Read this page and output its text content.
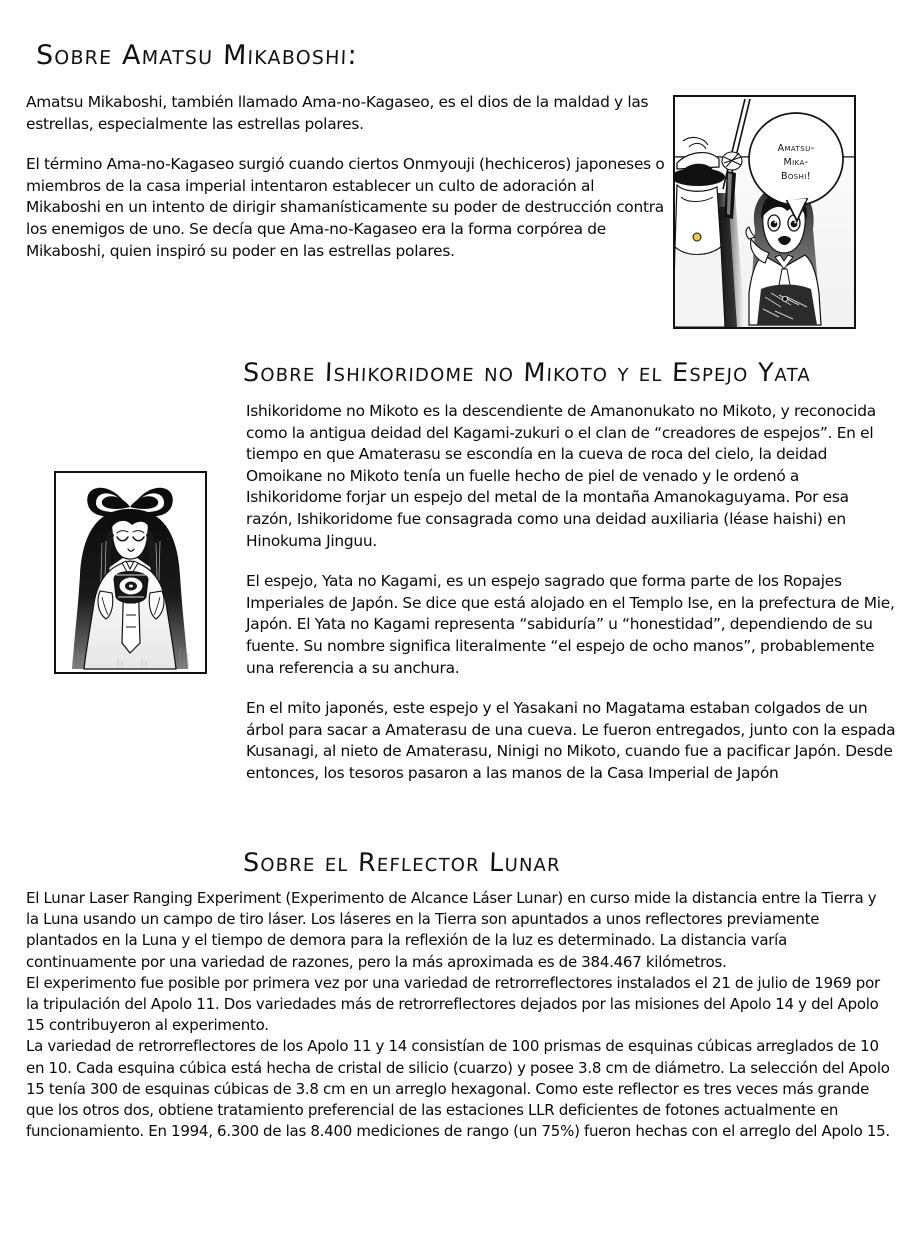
Sobre Amatsu Mikaboshi:

Amatsu Mikaboshi, también llamado Ama-no-Kagaseo, es el dios de la maldad y las estrellas, especialmente las estrellas polares.

El término Ama-no-Kagaseo surgió cuando ciertos Onmyouji (hechiceros) japoneses o miembros de la casa imperial intentaron establecer un culto de adoración al Mikaboshi en un intento de dirigir shamanísticamente su poder de destrucción contra los enemigos de uno. Se decía que Ama-no-Kagaseo era la forma corpórea de Mikaboshi, quien inspiró su poder en las estrellas polares.

Amatsu-
Mika-
Boshi!
Sobre Ishikoridome no Mikoto y el Espejo Yata

Ishikoridome no Mikoto es la descendiente de Amanonukato no Mikoto, y reconocida como la antigua deidad del Kagami-zukuri o el clan de “creadores de espejos”. En el tiempo en que Amaterasu se escondía en la cueva de roca del cielo, la deidad Omoikane no Mikoto tenía un fuelle hecho de piel de venado y le ordenó a Ishikoridome forjar un espejo del metal de la montaña Amanokaguyama. Por esa razón, Ishikoridome fue consagrada como una deidad auxiliaria (léase haishi) en Hinokuma Jinguu.

El espejo, Yata no Kagami, es un espejo sagrado que forma parte de los Ropajes Imperiales de Japón. Se dice que está alojado en el Templo Ise, en la prefectura de Mie, Japón. El Yata no Kagami representa “sabiduría” u “honestidad”, dependiendo de su fuente. Su nombre significa literalmente “el espejo de ocho manos”, probablemente una referencia a su anchura.

En el mito japonés, este espejo y el Yasakani no Magatama estaban colgados de un árbol para sacar a Amaterasu de una cueva. Le fueron entregados, junto con la espada Kusanagi, al nieto de Amaterasu, Ninigi no Mikoto, cuando fue a pacificar Japón. Desde entonces, los tesoros pasaron a las manos de la Casa Imperial de Japón

Sobre el Reflector Lunar

El Lunar Laser Ranging Experiment (Experimento de Alcance Láser Lunar) en curso mide la distancia entre la Tierra y la Luna usando un campo de tiro láser. Los láseres en la Tierra son apuntados a unos reflectores previamente plantados en la Luna y el tiempo de demora para la reflexión de la luz es determinado. La distancia varía continuamente por una variedad de razones, pero la más aproximada es de 384.467 kilómetros.

El experimento fue posible por primera vez por una variedad de retrorreflectores instalados el 21 de julio de 1969 por la tripulación del Apolo 11. Dos variedades más de retrorreflectores dejados por las misiones del Apolo 14 y del Apolo 15 contribuyeron al experimento.

La variedad de retrorreflectores de los Apolo 11 y 14 consistían de 100 prismas de esquinas cúbicas arreglados de 10 en 10. Cada esquina cúbica está hecha de cristal de silicio (cuarzo) y posee 3.8 cm de diámetro. La selección del Apolo 15 tenía 300 de esquinas cúbicas de 3.8 cm en un arreglo hexagonal. Como este reflector es tres veces más grande que los otros dos, obtiene tratamiento preferencial de las estaciones LLR deficientes de fotones actualmente en funcionamiento. En 1994, 6.300 de las 8.400 mediciones de rango (un 75%) fueron hechas con el arreglo del Apolo 15.
